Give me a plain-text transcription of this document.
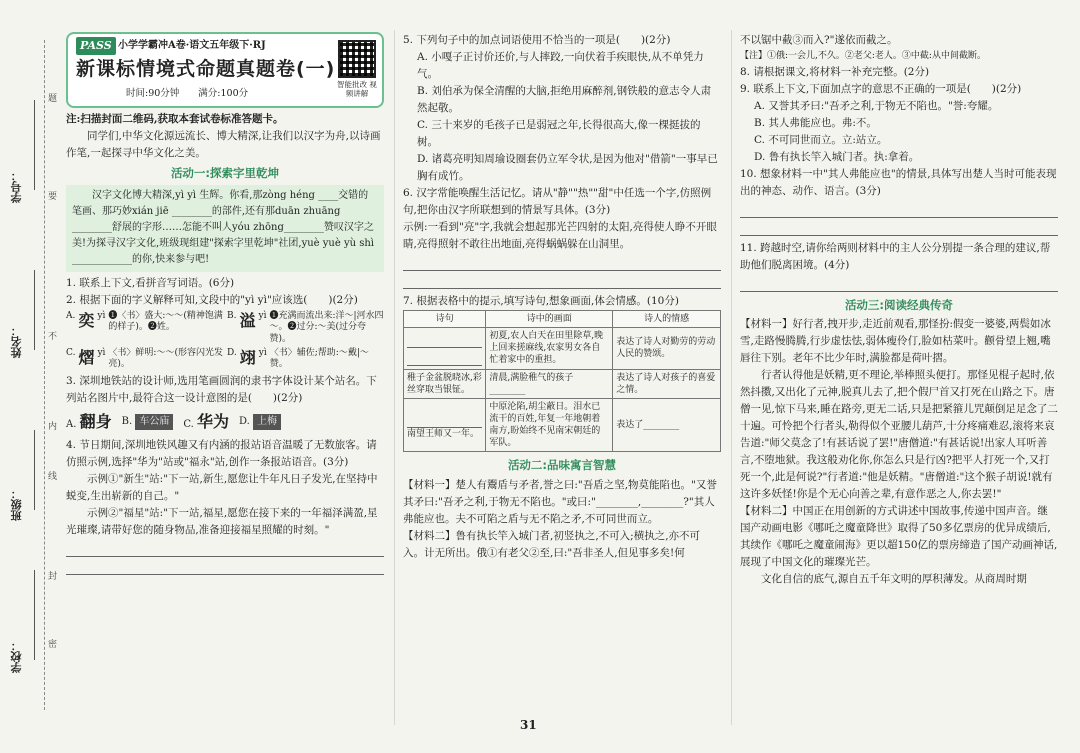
题
要
不
内
线
封
密
学号：
姓名：
班级：
学校：
PASS 小学学霸冲A卷·语文五年级下·RJ
新课标情境式命题真题卷(一)
时间:90分钟　　满分:100分
智能批改 视频讲解

注:扫描封面二维码,获取本套试卷标准答题卡。

同学们,中华文化源远流长、博大精深,让我们以汉字为舟,以诗画作笔,一起探寻中华文化之美。

活动一:探索字里乾坤

汉字文化博大精深,yì yì 生辉。你看,那zòng héng ____交错的笔画、那巧妙xián jiē ________的部件,还有那duān zhuāng ________舒展的字形……怎能不叫人yóu zhōng________赞叹汉字之美!为探寻汉字文化,班级现组建"探索字里乾坤"社团,yuè yuè yù shì ____________的你,快来参与吧!

1. 联系上下文,看拼音写词语。(6分)

2. 根据下面的字义解释可知,文段中的"yì yì"应该选(　　)(2分)

A. 奕 yì ❶〈书〉盛大:～～(精神饱满的样子)。❷姓。
B. 溢 yì ❶充满而流出来:洋～|河水四～。❷过分:～美(过分夸赞)。
C. 熠 yì 〈书〉鲜明:～～(形容闪光发亮)。
D. 翊 yì 〈书〉辅佐;帮助:～戴|～赞。

3. 深圳地铁站的设计师,选用笔画圆润的隶书字体设计某个站名。下列站名图片中,最符合这一设计意图的是(　　)(2分)

A. 翻身 B. 车公庙	C. 华为 D. 上梅

4. 节日期间,深圳地铁风趣又有内涵的报站语音温暖了无数旅客。请仿照示例,选择"华为"站或"福永"站,创作一条报站语音。(3分)

示例①"新生"站:"下一站,新生,愿您让牛年凡日子发光,在坚持中蜕变,生出崭新的自己。"

示例②"福星"站:"下一站,福星,愿您在接下来的一年福泽满盈,星光璀璨,请带好您的随身物品,准备迎接福星照耀的时刻。"

5. 下列句子中的加点词语使用不恰当的一项是(　　)(2分)

A. 小嘎子正讨价还价,与人摔跤,一向伏着手疾眼快,从不单凭力气。

B. 刘伯承为保全清醒的大脑,拒绝用麻醉剂,钢铁般的意志令人肃然起敬。

C. 三十来岁的毛孩子已是弱冠之年,长得很高大,像一棵挺拔的树。

D. 诸葛亮明知周瑜设圈套仍立军令状,是因为他对"借箭"一事早已胸有成竹。

6. 汉字常能唤醒生活记忆。请从"静""热""甜"中任选一个字,仿照例句,把你由汉字所联想到的情景写具体。(3分)

示例:一看到"亮"字,我就会想起那光芒四射的太阳,亮得使人睁不开眼睛,亮得照射不敢往出地面,亮得蜗蜗躲在山洞里。

7. 根据表格中的提示,填写诗句,想象画面,体会情感。(10分)

诗句	诗中的画面	诗人的情感

	初夏,农人白天在田里除草,晚上回来搓麻线,农家男女各自忙着家中的重担。	表达了诗人对勤劳的劳动人民的赞颂。
稚子金盆脱晓冰,彩丝穿取当银钲。	清晨,满脸稚气的孩子________	表达了诗人对孩子的喜爱之情。

南望王师又一年。	中原沦陷,胡尘蔽日。泪水已流干的百姓,年复一年地朝着南方,盼始终不见南宋朝廷的军队。	表达了________
活动二:品味寓言智慧

【材料一】楚人有鬻盾与矛者,誉之曰:"吾盾之坚,物莫能陷也。"又誉其矛曰:"吾矛之利,于物无不陷也。"或曰:"________,________?"其人弗能应也。夫不可陷之盾与无不陷之矛,不可同世而立。

【材料二】鲁有执长竿入城门者,初竖执之,不可入;横执之,亦不可入。计无所出。俄①有老父②至,曰:"吾非圣人,但见事多矣!何

不以锯中截③而入?"遂依而截之。

【注】①俄:一会儿,不久。②老父:老人。③中截:从中间截断。

8. 请根据课文,将材料一补充完整。(2分)

9. 联系上下文,下面加点字的意思不正确的一项是(　　)(2分)

A. 又誉其矛曰:"吾矛之利,于物无不陷也。"誉:夸耀。

B. 其人弗能应也。弗:不。

C. 不可同世而立。立:站立。

D. 鲁有执长竿入城门者。执:拿着。

10. 想象材料一中"其人弗能应也"的情景,具体写出楚人当时可能表现出的神态、动作、语言。(3分)

11. 跨越时空,请你给两则材料中的主人公分别提一条合理的建议,帮助他们脱离困境。(4分)

活动三:阅读经典传奇

【材料一】好行者,拽开步,走近前观看,那怪扮:假变一婆婆,两鬓如冰雪,走路慢腾腾,行步虚怯怯,弱体瘦伶仃,脸如枯菜叶。颧骨望上翘,嘴唇往下别。老年不比少年时,满脸都是荷叶摺。

行者认得他是妖精,更不理论,举棒照头便打。那怪见棍子起时,依然抖擞,又出化了元神,脱真儿去了,把个假尸首又打死在山路之下。唐僧一见,惊下马来,睡在路旁,更无二话,只是把紧箍儿咒颠倒足足念了二十遍。可怜把个行者头,勒得似个亚腰儿葫芦,十分疼痛难忍,滚将来哀告道:"师父莫念了!有甚话说了罢!"唐僧道:"有甚话说!出家人耳听善言,不堕地狱。我这般劝化你,你怎么只是行凶?把平人打死一个,又打死一个,此是何说?"行者道:"他是妖精。"唐僧道:"这个猴子胡说!就有这许多妖怪!你是个无心向善之辈,有意作恶之人,你去罢!"

【材料二】中国正在用创新的方式讲述中国故事,传递中国声音。继国产动画电影《哪吒之魔童降世》取得了50多亿票房的优异成绩后,其续作《哪吒之魔童闹海》更以超150亿的票房缔造了国产动画神话,展现了中国文化的璀璨光芒。

文化自信的底气,源自五千年文明的厚积薄发。从商周时期

31
